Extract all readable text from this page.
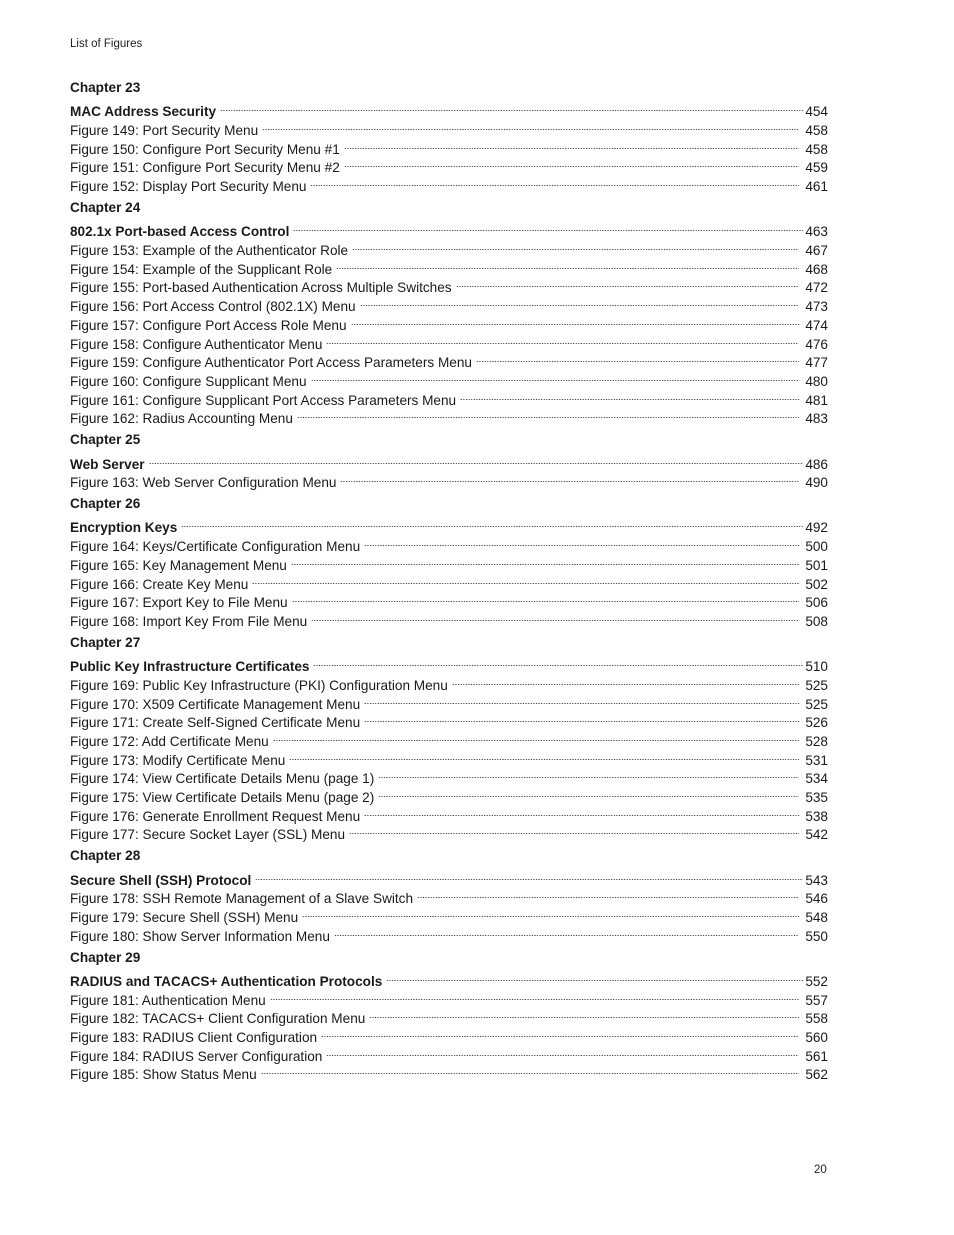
List of Figures
Chapter 23
MAC Address Security	454
Figure 149: Port Security Menu	458
Figure 150: Configure Port Security Menu #1	458
Figure 151: Configure Port Security Menu #2	459
Figure 152: Display Port Security Menu	461
Chapter 24
802.1x Port-based Access Control	463
Figure 153: Example of the Authenticator Role	467
Figure 154: Example of the Supplicant Role	468
Figure 155: Port-based Authentication Across Multiple Switches	472
Figure 156: Port Access Control (802.1X) Menu	473
Figure 157: Configure Port Access Role Menu	474
Figure 158: Configure Authenticator Menu	476
Figure 159: Configure Authenticator Port Access Parameters Menu	477
Figure 160: Configure Supplicant Menu	480
Figure 161: Configure Supplicant Port Access Parameters Menu	481
Figure 162: Radius Accounting Menu	483
Chapter 25
Web Server	486
Figure 163: Web Server Configuration Menu	490
Chapter 26
Encryption Keys	492
Figure 164: Keys/Certificate Configuration Menu	500
Figure 165: Key Management Menu	501
Figure 166: Create Key Menu	502
Figure 167: Export Key to File Menu	506
Figure 168: Import Key From File Menu	508
Chapter 27
Public Key Infrastructure Certificates	510
Figure 169: Public Key Infrastructure (PKI) Configuration Menu	525
Figure 170: X509 Certificate Management Menu	525
Figure 171: Create Self-Signed Certificate Menu	526
Figure 172: Add Certificate Menu	528
Figure 173: Modify Certificate Menu	531
Figure 174: View Certificate Details Menu (page 1)	534
Figure 175: View Certificate Details Menu (page 2)	535
Figure 176: Generate Enrollment Request Menu	538
Figure 177: Secure Socket Layer (SSL) Menu	542
Chapter 28
Secure Shell (SSH) Protocol	543
Figure 178: SSH Remote Management of a Slave Switch	546
Figure 179: Secure Shell (SSH) Menu	548
Figure 180: Show Server Information Menu	550
Chapter 29
RADIUS and TACACS+ Authentication Protocols	552
Figure 181: Authentication Menu	557
Figure 182: TACACS+ Client Configuration Menu	558
Figure 183: RADIUS Client Configuration	560
Figure 184: RADIUS Server Configuration	561
Figure 185: Show Status Menu	562
20
